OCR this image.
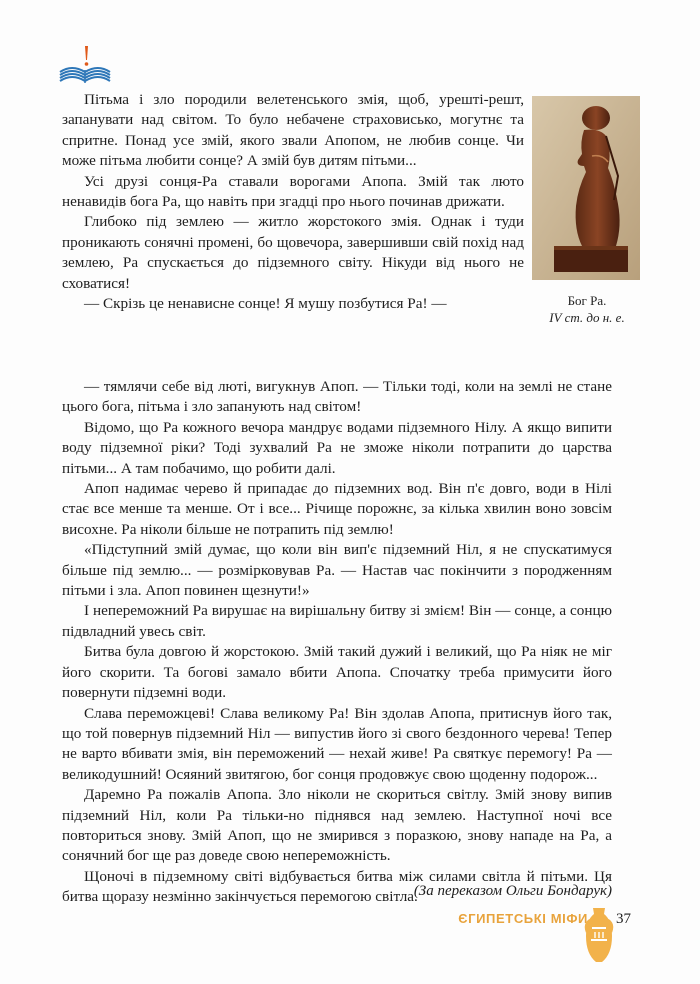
Пітьма і зло породили велетенського змія, щоб, урешті-решт, запанувати над світом. То було небачене страховисько, могутнє та спритне. Понад усе змій, якого звали Апопом, не любив сонце. Чи може пітьма любити сонце? А змій був дитям пітьми...

Усі друзі сонця-Ра ставали ворогами Апопа. Змій так люто ненавидів бога Ра, що навіть при згадці про нього починав дрижати.

Глибоко під землею — житло жорстокого змія. Однак і туди проникають сонячні промені, бо щовечора, завершивши свій похід над землею, Ра спускається до підземного світу. Нікуди від нього не сховатися!

— Скрізь це ненависне сонце! Я мушу позбутися Ра! —

— тямлячи себе від люті, вигукнув Апоп. — Тільки тоді, коли на землі не стане цього бога, пітьма і зло запанують над світом!

Відомо, що Ра кожного вечора мандрує водами підземного Нілу. А якщо випити воду підземної ріки? Тоді зухвалий Ра не зможе ніколи потрапити до царства пітьми... А там побачимо, що робити далі.

Апоп надимає черево й припадає до підземних вод. Він п'є довго, води в Нілі стає все менше та менше. От і все... Річище порожнє, за кілька хвилин воно зовсім висохне. Ра ніколи більше не потрапить під землю!

«Підступний змій думає, що коли він вип'є підземний Ніл, я не спускатимуся більше під землю... — розмірковував Ра. — Настав час покінчити з породженням пітьми і зла. Апоп повинен щезнути!»

І непереможний Ра вирушає на вирішальну битву зі змієм! Він — сонце, а сонцю підвладний увесь світ.

Битва була довгою й жорстокою. Змій такий дужий і великий, що Ра ніяк не міг його скорити. Та богові замало вбити Апопа. Спочатку треба примусити його повернути підземні води.

Слава переможцеві! Слава великому Ра! Він здолав Апопа, притиснув його так, що той повернув підземний Ніл — випустив його зі свого бездонного черева! Тепер не варто вбивати змія, він переможений — нехай живе! Ра святкує перемогу! Ра — великодушний! Осяяний звитягою, бог сонця продовжує свою щоденну подорож...

Даремно Ра пожалів Апопа. Зло ніколи не скориться світлу. Змій знову випив підземний Ніл, коли Ра тільки-но піднявся над землею. Наступної ночі все повториться знову. Змій Апоп, що не змирився з поразкою, знову нападе на Ра, а сонячний бог ще раз доведе свою непереможність.

Щоночі в підземному світі відбувається битва між силами світла й пітьми. Ця битва щоразу незмінно закінчується перемогою світла.

Бог Ра.
IV ст. до н. е.
(За переказом Ольги Бондарук)
ЄГИПЕТСЬКІ МІФИ 37
